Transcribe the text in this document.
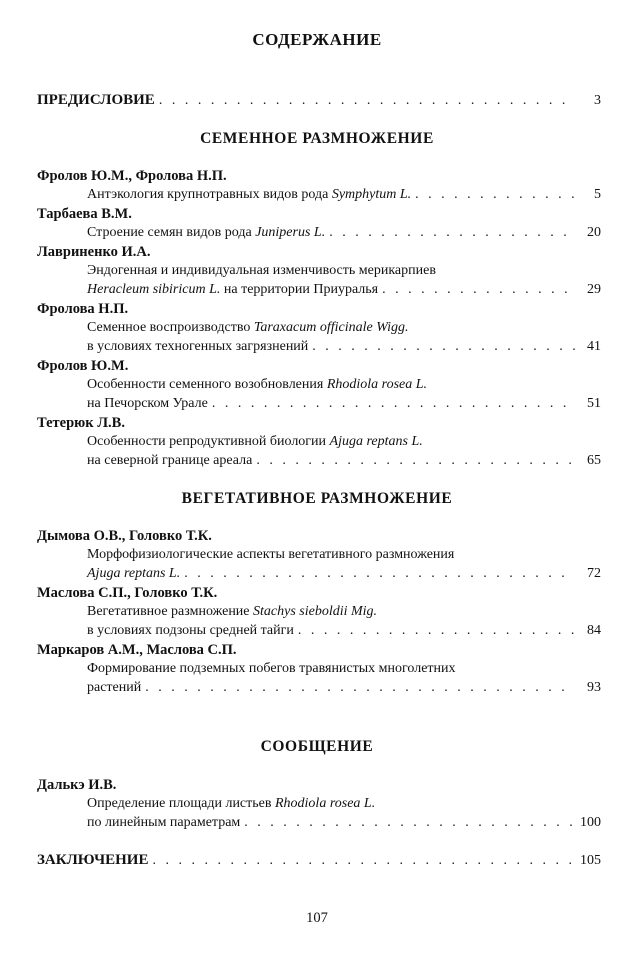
СОДЕРЖАНИЕ
ПРЕДИСЛОВИЕ . . .	3
СЕМЕННОЕ РАЗМНОЖЕНИЕ
Фролов Ю.М., Фролова Н.П.
Антэкология крупнотравных видов рода Symphytum L. . . .	5
Тарбаева В.М.
Строение семян видов рода Juniperus L. . . .	20
Лавриненко И.А.
Эндогенная и индивидуальная изменчивость мерикарпиев
Heracleum sibiricum L. на территории Приуралья . . .	29
Фролова Н.П.
Семенное воспроизводство Taraxacum officinale Wigg.
в условиях техногенных загрязнений . . .	41
Фролов Ю.М.
Особенности семенного возобновления Rhodiola rosea L.
на Печорском Урале . . .	51
Тетерюк Л.В.
Особенности репродуктивной биологии Ajuga reptans L.
на северной границе ареала . . .	65
ВЕГЕТАТИВНОЕ РАЗМНОЖЕНИЕ
Дымова О.В., Головко Т.К.
Морфофизиологические аспекты вегетативного размножения
Ajuga reptans L. . . .	72
Маслова С.П., Головко Т.К.
Вегетативное размножение Stachys sieboldii Mig.
в условиях подзоны средней тайги . . .	84
Маркаров А.М., Маслова С.П.
Формирование подземных побегов травянистых многолетних
растений . . .	93
СООБЩЕНИЕ
Далькэ И.В.
Определение площади листьев Rhodiola rosea L.
по линейным параметрам . . .	100
ЗАКЛЮЧЕНИЕ . . .	105
107
